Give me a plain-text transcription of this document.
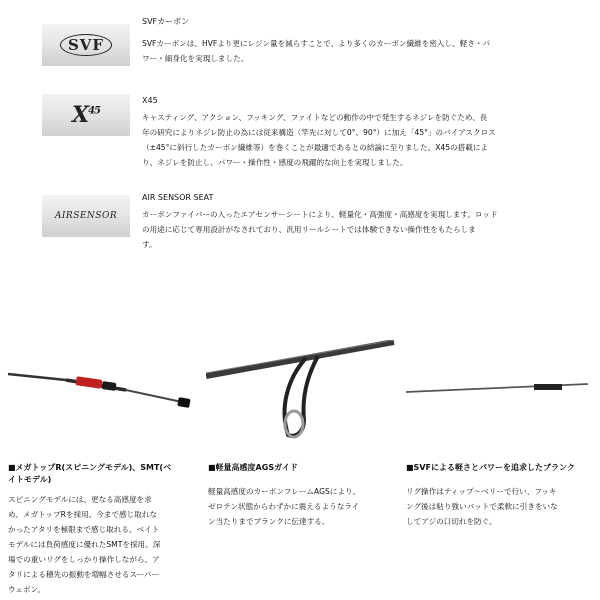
SVF
SVFカーボン
SVFカーボンは、HVFより更にレジン量を減らすことで、より多くのカーボン繊維を密入し、軽さ・パ
ワー・細身化を実現しました。
$X^{45}$
X45
キャスティング、アクション、フッキング、ファイトなどの動作の中で発生するネジレを防ぐため、長
年の研究によりネジレ防止の為には従来構造（竿先に対して0°、90°）に加え「45°」のバイアスクロス
（±45°に斜行したカーボン繊維等）を巻くことが最適であるとの結論に至りました。X45の搭載によ
り、ネジレを防止し、パワー・操作性・感度の飛躍的な向上を実現しました。
AIRSENSOR
AIR SENSOR SEAT
カーボンファイバーの入ったエアセンサーシートにより、軽量化・高強度・高感度を実現します。ロッド
の用途に応じて専用設計がなされており、汎用リールシートでは体験できない操作性をもたらしま
す。
■メガトップR(スピニングモデル)、SMT(ベ
イトモデル)
スピニングモデルには、更なる高感度を求
め、メガトップRを採用。今まで感じ取れな
かったアタリを極限まで感じ取れる。ベイト
モデルには負荷感度に優れたSMTを採用。深
場での重いリグをしっかり操作しながら、ア
タリによる穂先の振動を増幅させるスーパー
ウェポン。
■軽量高感度AGSガイド
軽量高感度のカーボンフレームAGSにより、
ゼロテン状態からわずかに震えるようなライ
ン当たりまでブランクに伝達する。
■SVFによる軽さとパワーを追求したブランク
リグ操作はティップ～ベリーで行い、フッキ
ング後は粘り強いバットで柔軟に引きをいな
してアジの口切れを防ぐ。
